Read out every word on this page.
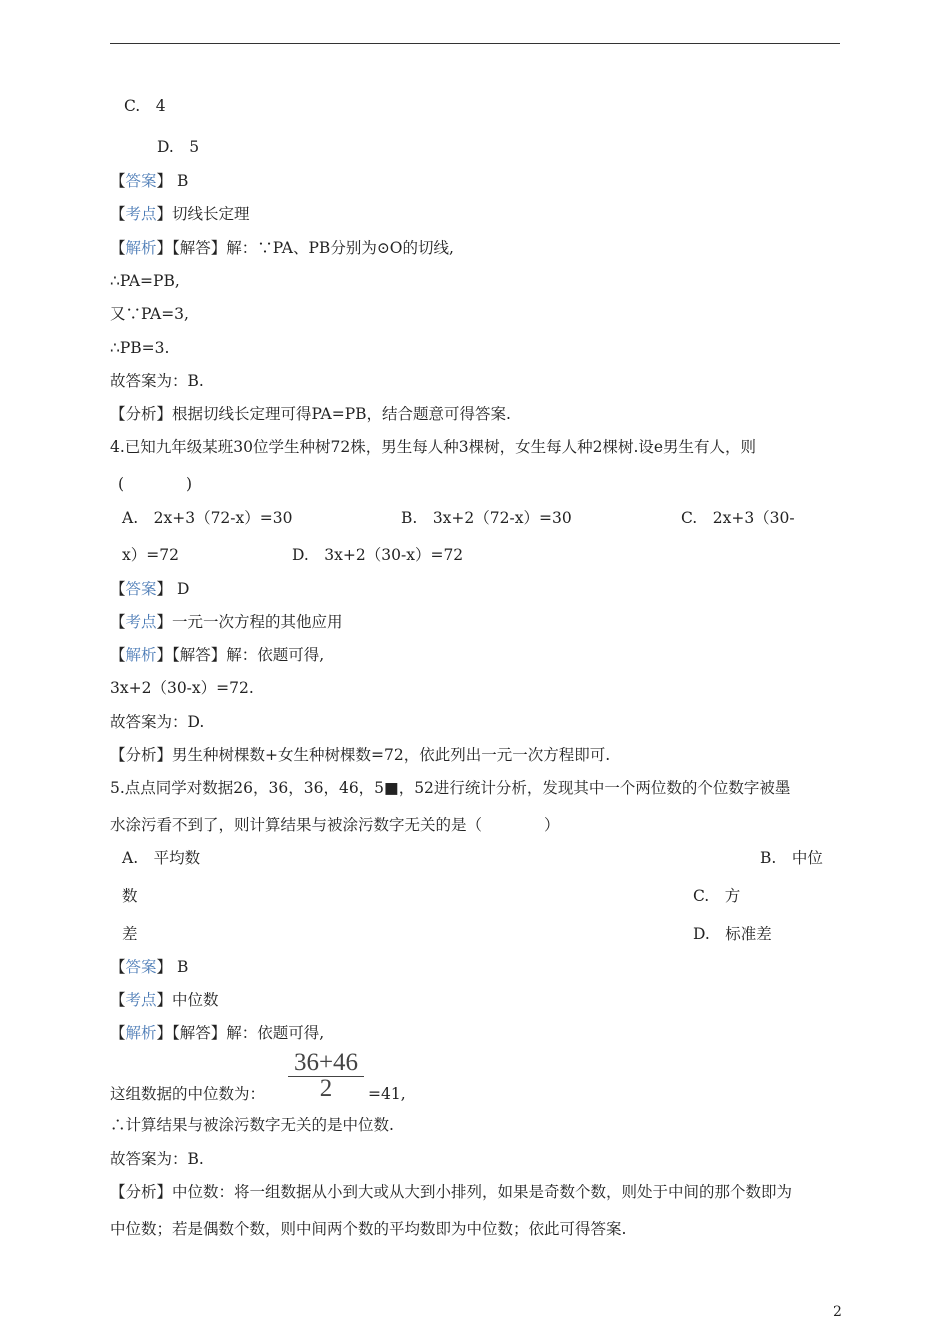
C.　4
D.　5
【答案】 B
【考点】切线长定理
【解析】【解答】解：∵PA、PB分别为⊙O的切线,
∴PA=PB,
又∵PA=3,
∴PB=3.
故答案为：B.
【分析】根据切线长定理可得PA=PB，结合题意可得答案.
4.已知九年级某班30位学生种树72株，男生每人种3棵树，女生每人种2棵树.设e男生有人，则
(　　　　)
A.　2x+3（72-x）=30	B.　3x+2（72-x）=30	C.　2x+3（30-
x）=72	D.　3x+2（30-x）=72
【答案】 D
【考点】一元一次方程的其他应用
【解析】【解答】解：依题可得,
3x+2（30-x）=72.
故答案为：D.
【分析】男生种树棵数+女生种树棵数=72，依此列出一元一次方程即可.
5.点点同学对数据26，36，36，46，5■，52进行统计分析，发现其中一个两位数的个位数字被墨
水涂污看不到了，则计算结果与被涂污数字无关的是（　　　　）
A.　平均数	B.　中位
数	C.　方
差	D.　标准差
【答案】 B
【考点】中位数
【解析】【解答】解：依题可得,
这组数据的中位数为：
36+46
2	=41,
∴计算结果与被涂污数字无关的是中位数.
故答案为：B.
【分析】中位数：将一组数据从小到大或从大到小排列，如果是奇数个数，则处于中间的那个数即为
中位数；若是偶数个数，则中间两个数的平均数即为中位数；依此可得答案.
2
